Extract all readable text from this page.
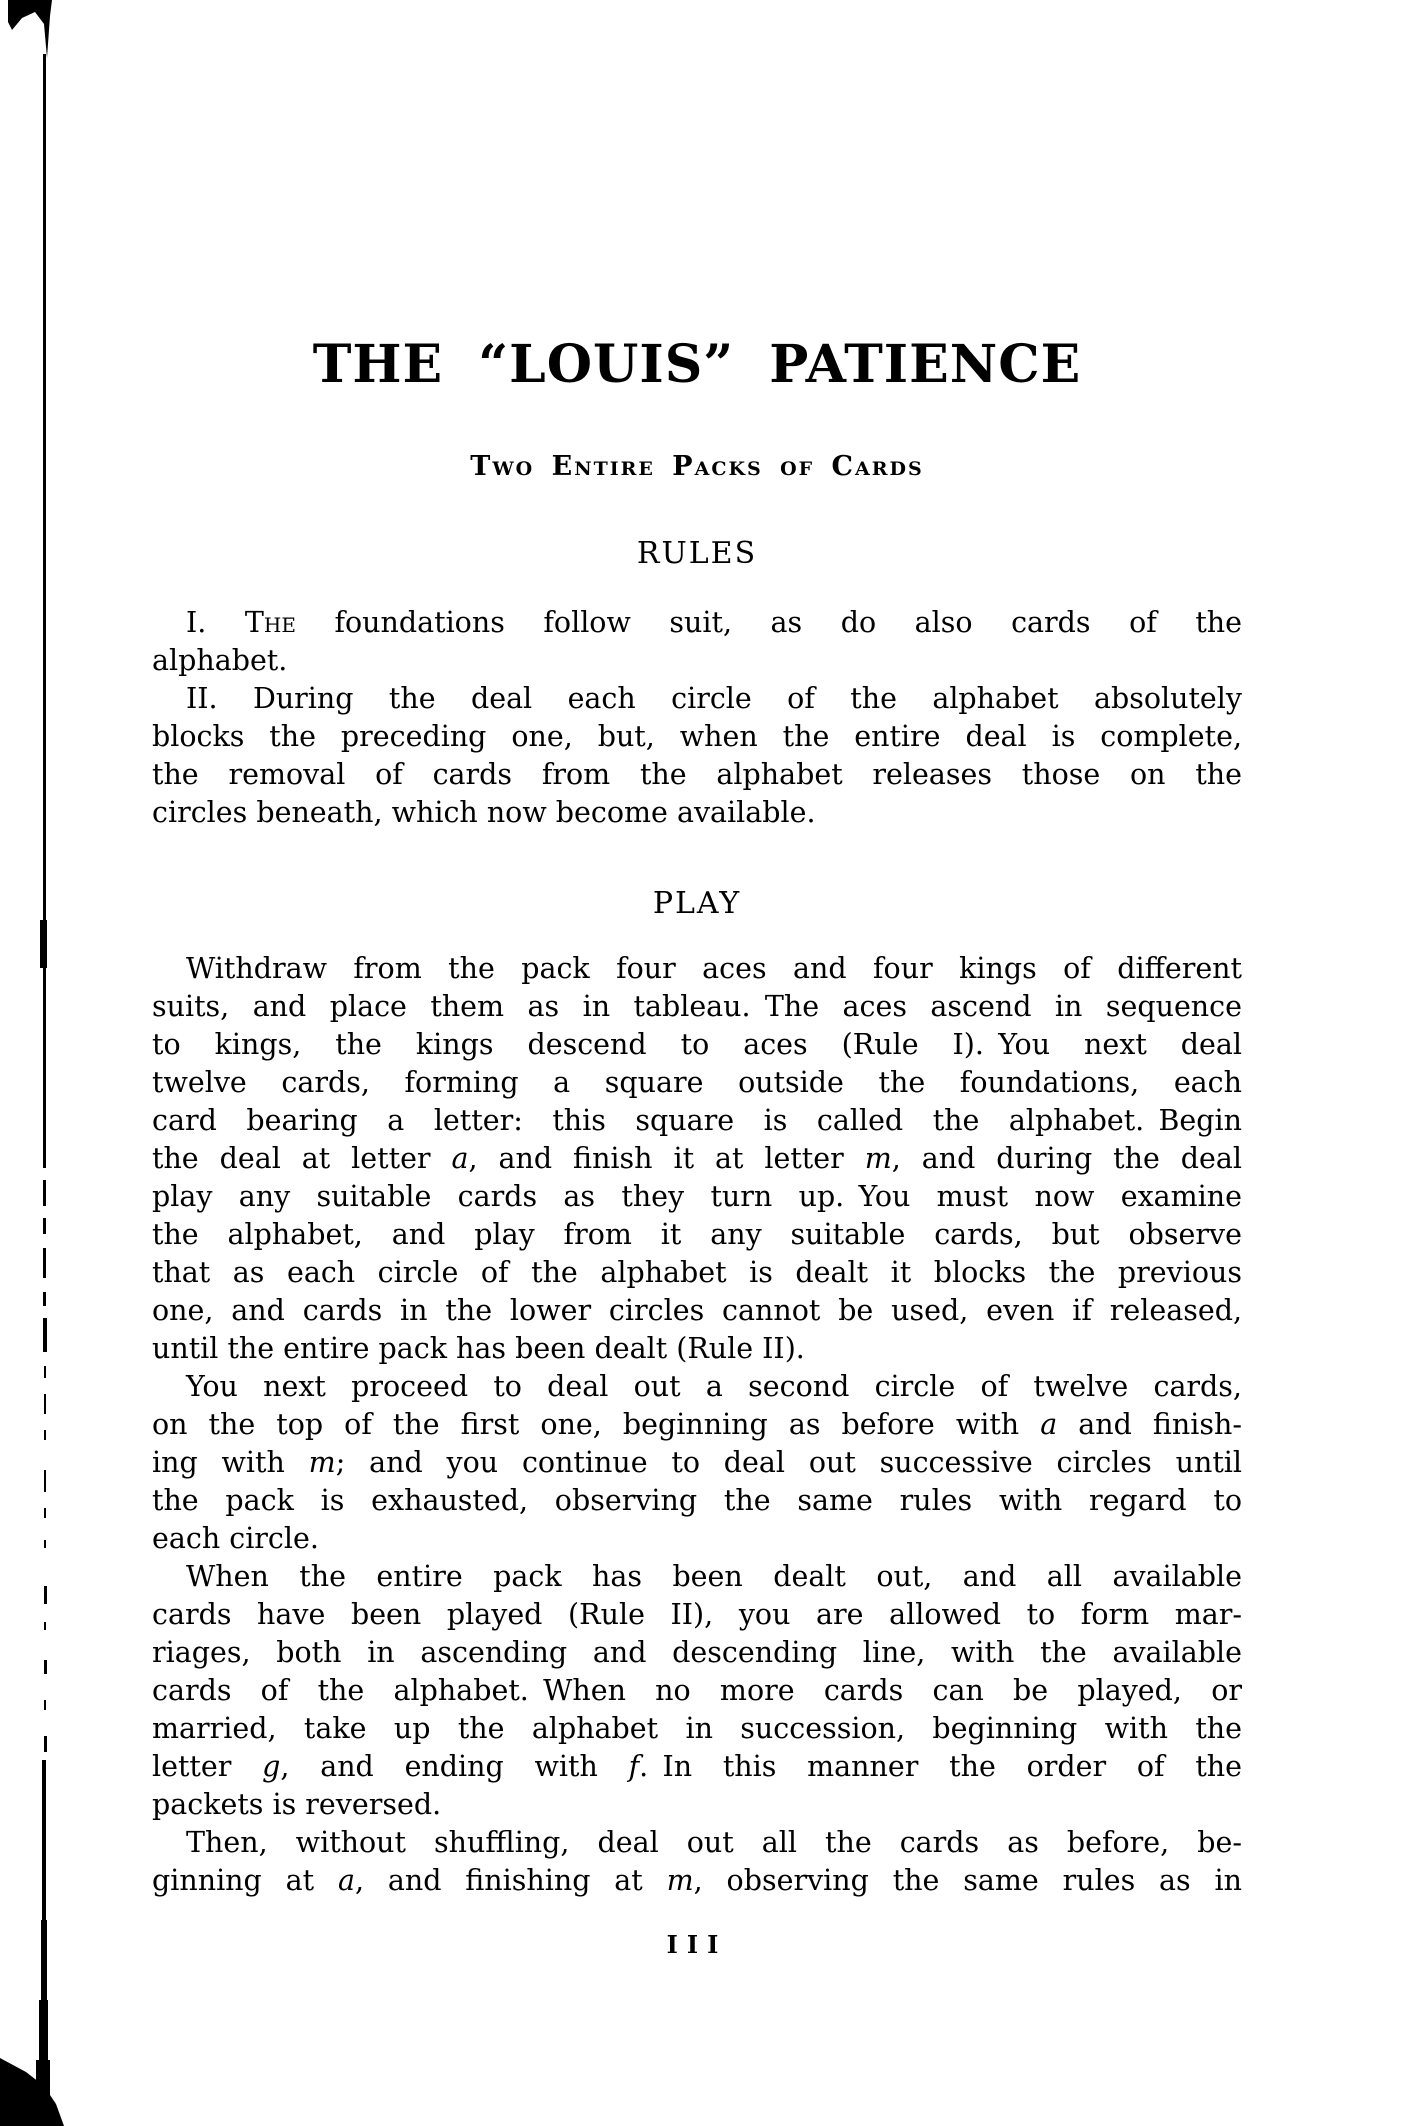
THE “LOUIS” PATIENCE
Two Entire Packs of Cards
RULES
I. The foundations follow suit, as do also cards of the
alphabet.
II. During the deal each circle of the alphabet absolutely
blocks the preceding one, but, when the entire deal is complete,
the removal of cards from the alphabet releases those on the
circles beneath, which now become available.
PLAY
Withdraw from the pack four aces and four kings of different
suits, and place them as in tableau. The aces ascend in sequence
to kings, the kings descend to aces (Rule I). You next deal
twelve cards, forming a square outside the foundations, each
card bearing a letter: this square is called the alphabet. Begin
the deal at letter a, and finish it at letter m, and during the deal
play any suitable cards as they turn up. You must now examine
the alphabet, and play from it any suitable cards, but observe
that as each circle of the alphabet is dealt it blocks the previous
one, and cards in the lower circles cannot be used, even if released,
until the entire pack has been dealt (Rule II).
You next proceed to deal out a second circle of twelve cards,
on the top of the first one, beginning as before with a and finish-
ing with m; and you continue to deal out successive circles until
the pack is exhausted, observing the same rules with regard to
each circle.
When the entire pack has been dealt out, and all available
cards have been played (Rule II), you are allowed to form mar-
riages, both in ascending and descending line, with the available
cards of the alphabet. When no more cards can be played, or
married, take up the alphabet in succession, beginning with the
letter g, and ending with f. In this manner the order of the
packets is reversed.
Then, without shuffling, deal out all the cards as before, be-
ginning at a, and finishing at m, observing the same rules as in
III
